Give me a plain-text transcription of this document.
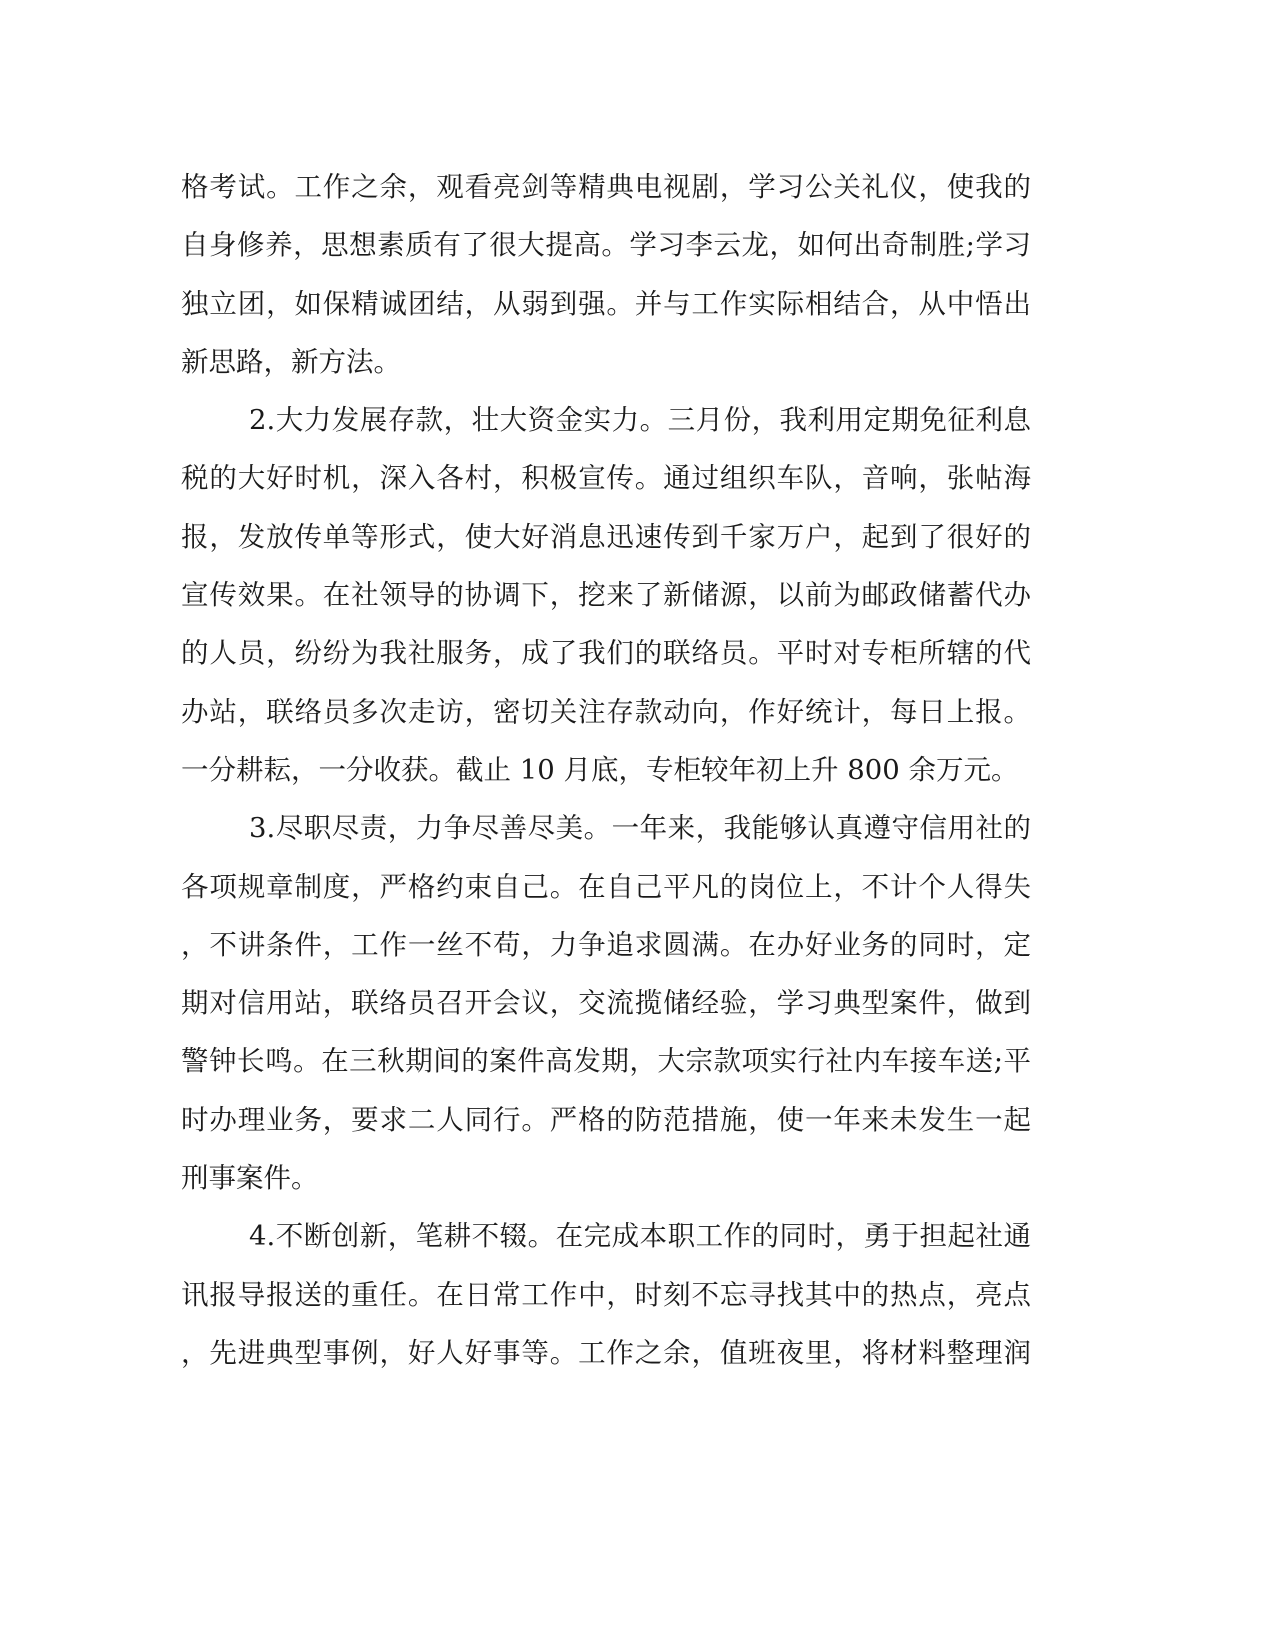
格考试。工作之余，观看亮剑等精典电视剧，学习公关礼仪，使我的
自身修养，思想素质有了很大提高。学习李云龙，如何出奇制胜;学习
独立团，如保精诚团结，从弱到强。并与工作实际相结合，从中悟出
新思路，新方法。
2.大力发展存款，壮大资金实力。三月份，我利用定期免征利息
税的大好时机，深入各村，积极宣传。通过组织车队，音响，张帖海
报，发放传单等形式，使大好消息迅速传到千家万户，起到了很好的
宣传效果。在社领导的协调下，挖来了新储源，以前为邮政储蓄代办
的人员，纷纷为我社服务，成了我们的联络员。平时对专柜所辖的代
办站，联络员多次走访，密切关注存款动向，作好统计，每日上报。
一分耕耘，一分收获。截止 10 月底，专柜较年初上升 800 余万元。
3.尽职尽责，力争尽善尽美。一年来，我能够认真遵守信用社的
各项规章制度，严格约束自己。在自己平凡的岗位上，不计个人得失
，不讲条件，工作一丝不苟，力争追求圆满。在办好业务的同时，定
期对信用站，联络员召开会议，交流揽储经验，学习典型案件，做到
警钟长鸣。在三秋期间的案件高发期，大宗款项实行社内车接车送;平
时办理业务，要求二人同行。严格的防范措施，使一年来未发生一起
刑事案件。
4.不断创新，笔耕不辍。在完成本职工作的同时，勇于担起社通
讯报导报送的重任。在日常工作中，时刻不忘寻找其中的热点，亮点
，先进典型事例，好人好事等。工作之余，值班夜里，将材料整理润
